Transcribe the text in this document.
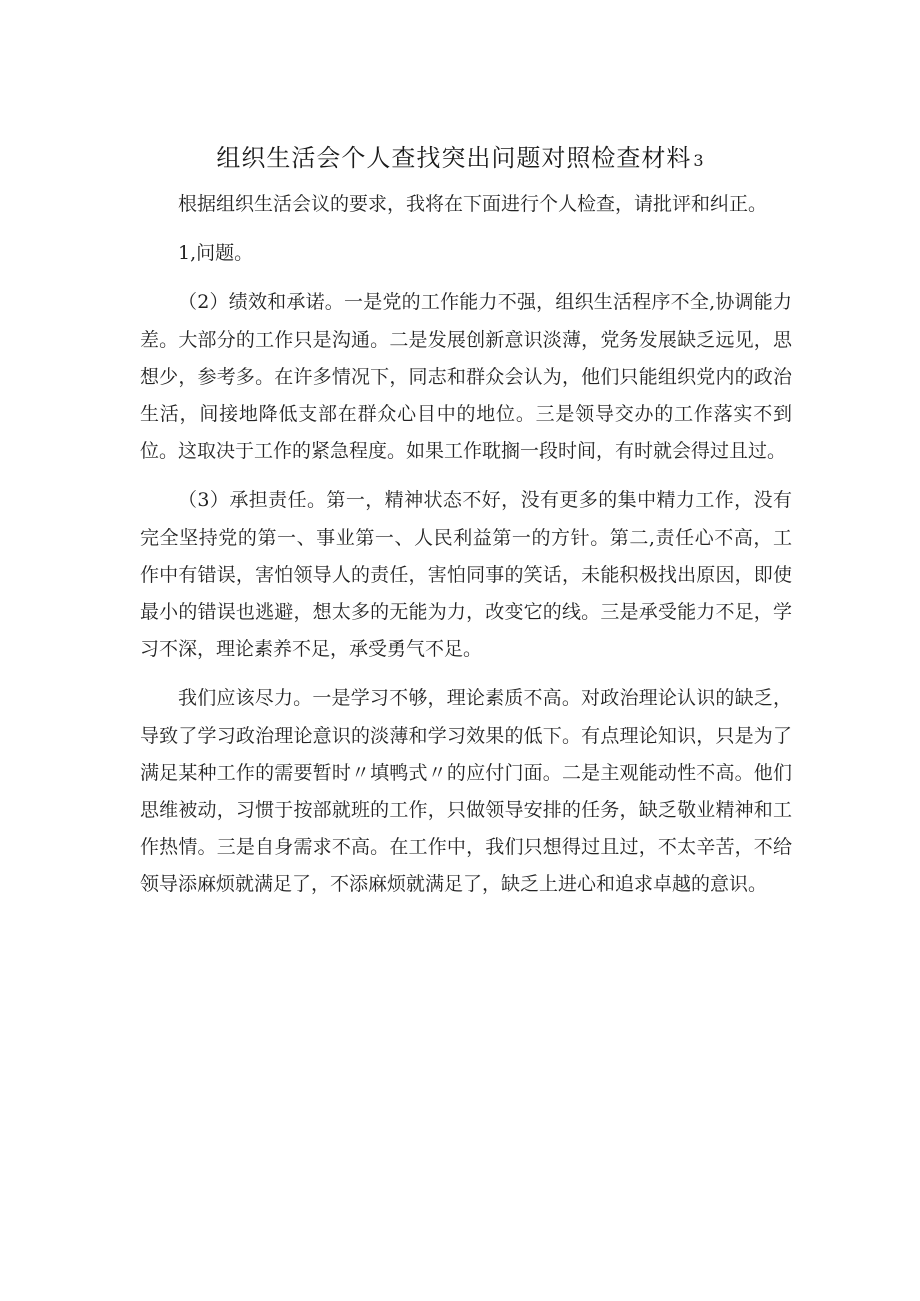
组织生活会个人查找突出问题对照检查材料 3

根据组织生活会议的要求，我将在下面进行个人检查，请批评和纠正。

1,问题。

（2）绩效和承诺。一是党的工作能力不强，组织生活程序不全,协调能力差。大部分的工作只是沟通。二是发展创新意识淡薄，党务发展缺乏远见，思想少，参考多。在许多情况下，同志和群众会认为，他们只能组织党内的政治生活，间接地降低支部在群众心目中的地位。三是领导交办的工作落实不到位。这取决于工作的紧急程度。如果工作耽搁一段时间，有时就会得过且过。

（3）承担责任。第一，精神状态不好，没有更多的集中精力工作，没有完全坚持党的第一、事业第一、人民利益第一的方针。第二,责任心不高，工作中有错误，害怕领导人的责任，害怕同事的笑话，未能积极找出原因，即使最小的错误也逃避，想太多的无能为力，改变它的线。三是承受能力不足，学习不深，理论素养不足，承受勇气不足。

我们应该尽力。一是学习不够，理论素质不高。对政治理论认识的缺乏，导致了学习政治理论意识的淡薄和学习效果的低下。有点理论知识，只是为了满足某种工作的需要暂时〃填鸭式〃的应付门面。二是主观能动性不高。他们思维被动，习惯于按部就班的工作，只做领导安排的任务，缺乏敬业精神和工作热情。三是自身需求不高。在工作中，我们只想得过且过，不太辛苦，不给领导添麻烦就满足了，不添麻烦就满足了，缺乏上进心和追求卓越的意识。
